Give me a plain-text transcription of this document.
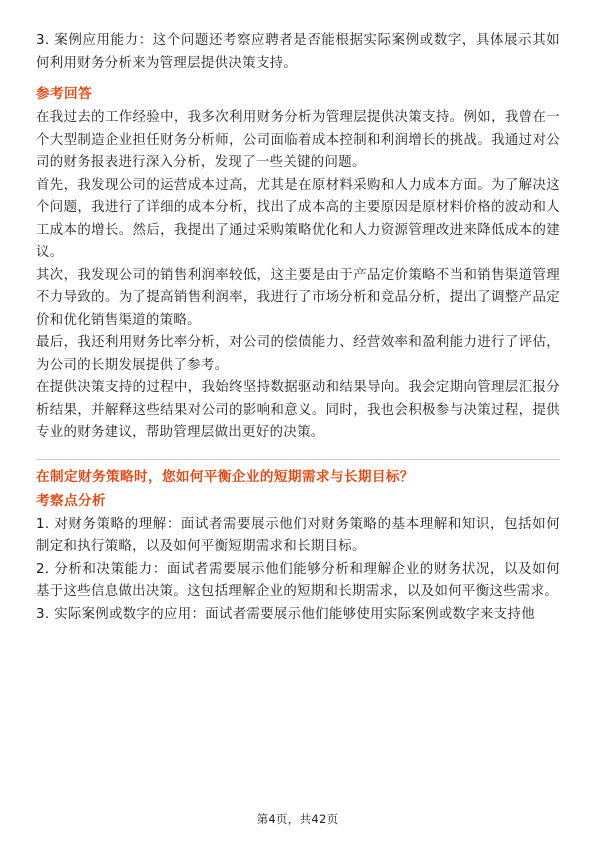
3. 案例应用能力：这个问题还考察应聘者是否能根据实际案例或数字，具体展示其如何利用财务分析来为管理层提供决策支持。

参考回答

在我过去的工作经验中，我多次利用财务分析为管理层提供决策支持。例如，我曾在一个大型制造企业担任财务分析师，公司面临着成本控制和利润增长的挑战。我通过对公司的财务报表进行深入分析，发现了一些关键的问题。

首先，我发现公司的运营成本过高，尤其是在原材料采购和人力成本方面。为了解决这个问题，我进行了详细的成本分析，找出了成本高的主要原因是原材料价格的波动和人工成本的增长。然后，我提出了通过采购策略优化和人力资源管理改进来降低成本的建议。

其次，我发现公司的销售利润率较低，这主要是由于产品定价策略不当和销售渠道管理不力导致的。为了提高销售利润率，我进行了市场分析和竞品分析，提出了调整产品定价和优化销售渠道的策略。

最后，我还利用财务比率分析，对公司的偿债能力、经营效率和盈利能力进行了评估，为公司的长期发展提供了参考。

在提供决策支持的过程中，我始终坚持数据驱动和结果导向。我会定期向管理层汇报分析结果，并解释这些结果对公司的影响和意义。同时，我也会积极参与决策过程，提供专业的财务建议，帮助管理层做出更好的决策。

在制定财务策略时，您如何平衡企业的短期需求与长期目标？

考察点分析

1. 对财务策略的理解：面试者需要展示他们对财务策略的基本理解和知识，包括如何制定和执行策略，以及如何平衡短期需求和长期目标。

2. 分析和决策能力：面试者需要展示他们能够分析和理解企业的财务状况，以及如何基于这些信息做出决策。这包括理解企业的短期和长期需求，以及如何平衡这些需求。

3. 实际案例或数字的应用：面试者需要展示他们能够使用实际案例或数字来支持他

第4页，共42页
